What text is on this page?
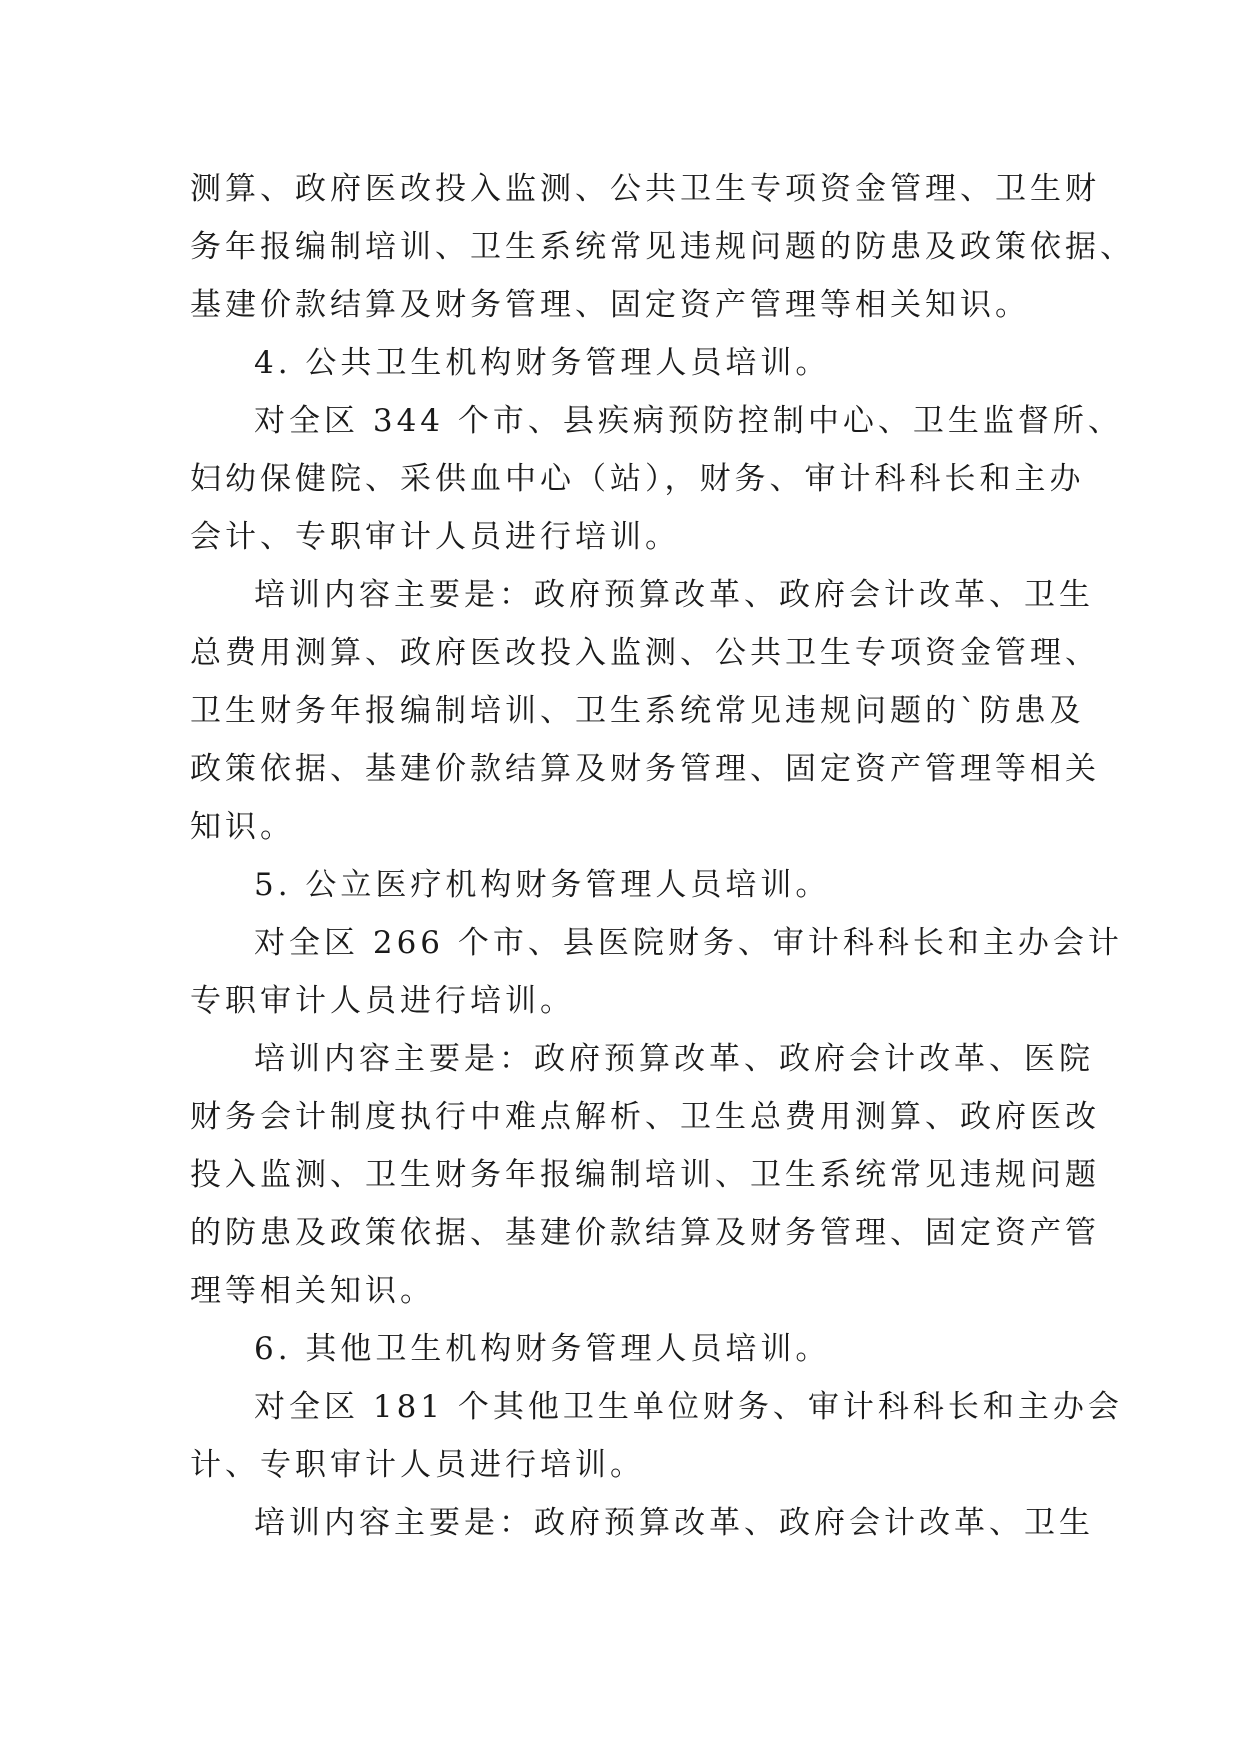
测算、政府医改投入监测、公共卫生专项资金管理、卫生财
务年报编制培训、卫生系统常见违规问题的防患及政策依据、
基建价款结算及财务管理、固定资产管理等相关知识。
4. 公共卫生机构财务管理人员培训。
对全区 344 个市、县疾病预防控制中心、卫生监督所、
妇幼保健院、采供血中心（站），财务、审计科科长和主办
会计、专职审计人员进行培训。
培训内容主要是：政府预算改革、政府会计改革、卫生
总费用测算、政府医改投入监测、公共卫生专项资金管理、
卫生财务年报编制培训、卫生系统常见违规问题的`防患及
政策依据、基建价款结算及财务管理、固定资产管理等相关
知识。
5. 公立医疗机构财务管理人员培训。
对全区 266 个市、县医院财务、审计科科长和主办会计
专职审计人员进行培训。
培训内容主要是：政府预算改革、政府会计改革、医院
财务会计制度执行中难点解析、卫生总费用测算、政府医改
投入监测、卫生财务年报编制培训、卫生系统常见违规问题
的防患及政策依据、基建价款结算及财务管理、固定资产管
理等相关知识。
6. 其他卫生机构财务管理人员培训。
对全区 181 个其他卫生单位财务、审计科科长和主办会
计、专职审计人员进行培训。
培训内容主要是：政府预算改革、政府会计改革、卫生
